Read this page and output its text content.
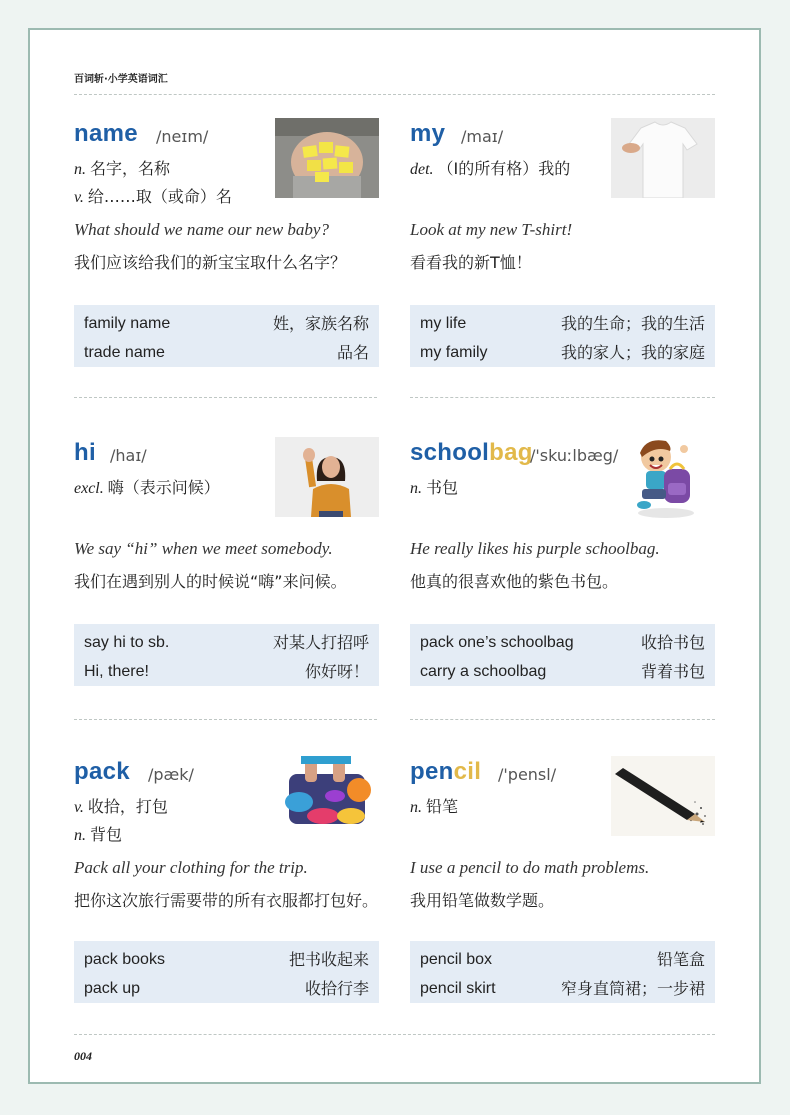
百词斩·小学英语词汇
name /neɪm/
n. 名字，名称
v. 给……取（或命）名
What should we name our new baby?
我们应该给我们的新宝宝取什么名字？
family name	姓，家族名称
trade name	品名
my /maɪ/
det. （I的所有格）我的
Look at my new T-shirt!
看看我的新T恤！
my life	我的生命；我的生活
my family	我的家人；我的家庭
hi /haɪ/
excl. 嗨（表示问候）
We say “hi” when we meet somebody.
我们在遇到别人的时候说“嗨”来问候。
say hi to sb.	对某人打招呼
Hi, there!	你好呀！
schoolbag
/'skuːlbæg/
n. 书包
He really likes his purple schoolbag.
他真的很喜欢他的紫色书包。
pack one’s schoolbag	收拾书包
carry a schoolbag	背着书包
pack /pæk/
v. 收拾，打包
n. 背包
Pack all your clothing for the trip.
把你这次旅行需要带的所有衣服都打包好。
pack books	把书收起来
pack up	收拾行李
pencil /'pensl/
n. 铅笔
I use a pencil to do math problems.
我用铅笔做数学题。
pencil box	铅笔盒
pencil skirt	窄身直筒裙；一步裙
004
